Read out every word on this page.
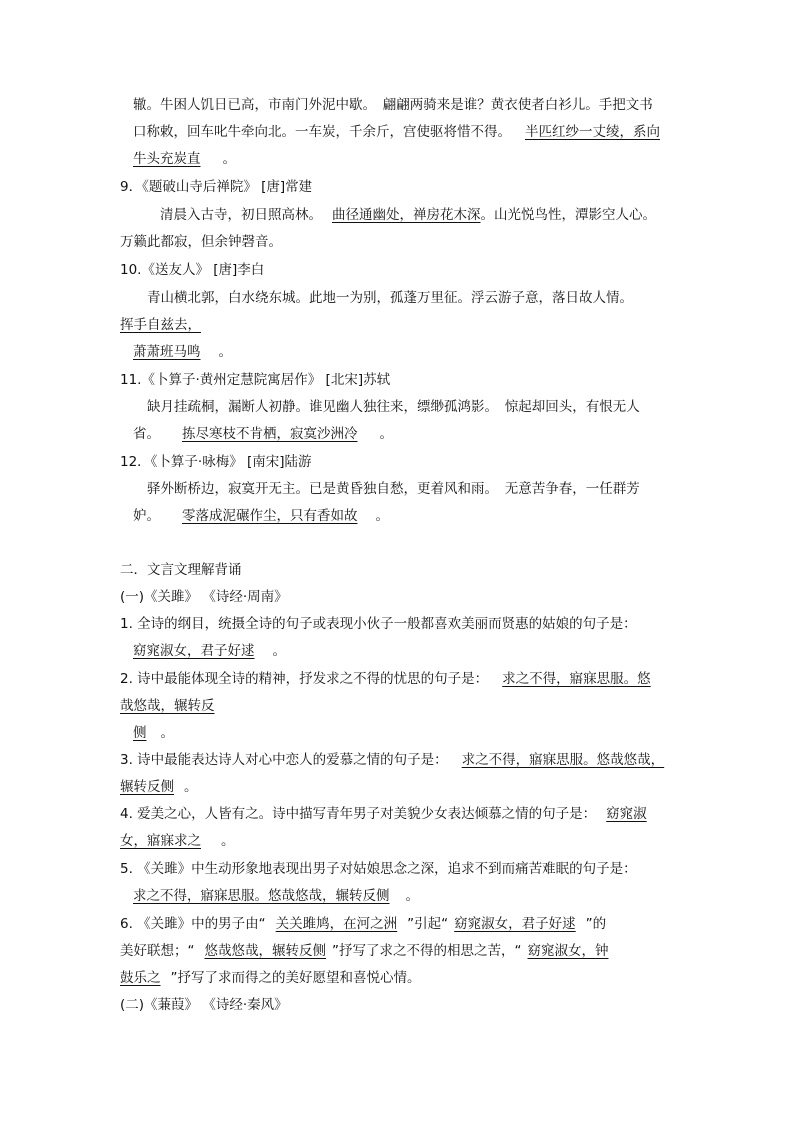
辙。牛困人饥日已高，市南门外泥中歇。　翩翩两骑来是谁？黄衣使者白衫儿。手把文书
口称敕，回车叱牛牵向北。一车炭，千余斤，宫使驱将惜不得。 半匹红纱一丈绫，系向
牛头充炭直 。
9．《题破山寺后禅院》 [唐]常建
清晨入古寺，初日照高林。 曲径通幽处，禅房花木深。山光悦鸟性，潭影空人心。
万籁此都寂，但余钟磬音。
10.《送友人》 [唐]李白
青山横北郭，白水绕东城。此地一为别，孤蓬万里征。浮云游子意，落日故人情。
挥手自兹去，
萧萧班马鸣 。
11.《卜算子·黄州定慧院寓居作》 [北宋]苏轼
缺月挂疏桐，漏断人初静。谁见幽人独往来，缥缈孤鸿影。　惊起却回头，有恨无人
省。 拣尽寒枝不肯栖，寂寞沙洲冷 。
12．《卜算子·咏梅》 [南宋]陆游
驿外断桥边，寂寞开无主。已是黄昏独自愁，更着风和雨。　无意苦争春，一任群芳
妒。 零落成泥碾作尘，只有香如故 。
二．文言文理解背诵
(一)《关雎》 《诗经·周南》
1. 全诗的纲目，统摄全诗的句子或表现小伙子一般都喜欢美丽而贤惠的姑娘的句子是：
窈窕淑女，君子好逑 。
2. 诗中最能体现全诗的精神，抒发求之不得的忧思的句子是： 求之不得，寤寐思服。悠
哉悠哉，辗转反
侧 。
3. 诗中最能表达诗人对心中恋人的爱慕之情的句子是： 求之不得，寤寐思服。悠哉悠哉，
辗转反侧 。
4. 爱美之心，人皆有之。诗中描写青年男子对美貌少女表达倾慕之情的句子是： 窈窕淑
女，寤寐求之 。
5. 《关雎》中生动形象地表现出男子对姑娘思念之深，追求不到而痛苦难眠的句子是：
求之不得，寤寐思服。悠哉悠哉，辗转反侧 。
6. 《关雎》中的男子由“ 关关雎鸠，在河之洲 ”引起“ 窈窕淑女，君子好逑 ”的
美好联想；“ 悠哉悠哉，辗转反侧 ”抒写了求之不得的相思之苦，“ 窈窕淑女，钟
鼓乐之 ”抒写了求而得之的美好愿望和喜悦心情。
(二)《蒹葭》 《诗经·秦风》
